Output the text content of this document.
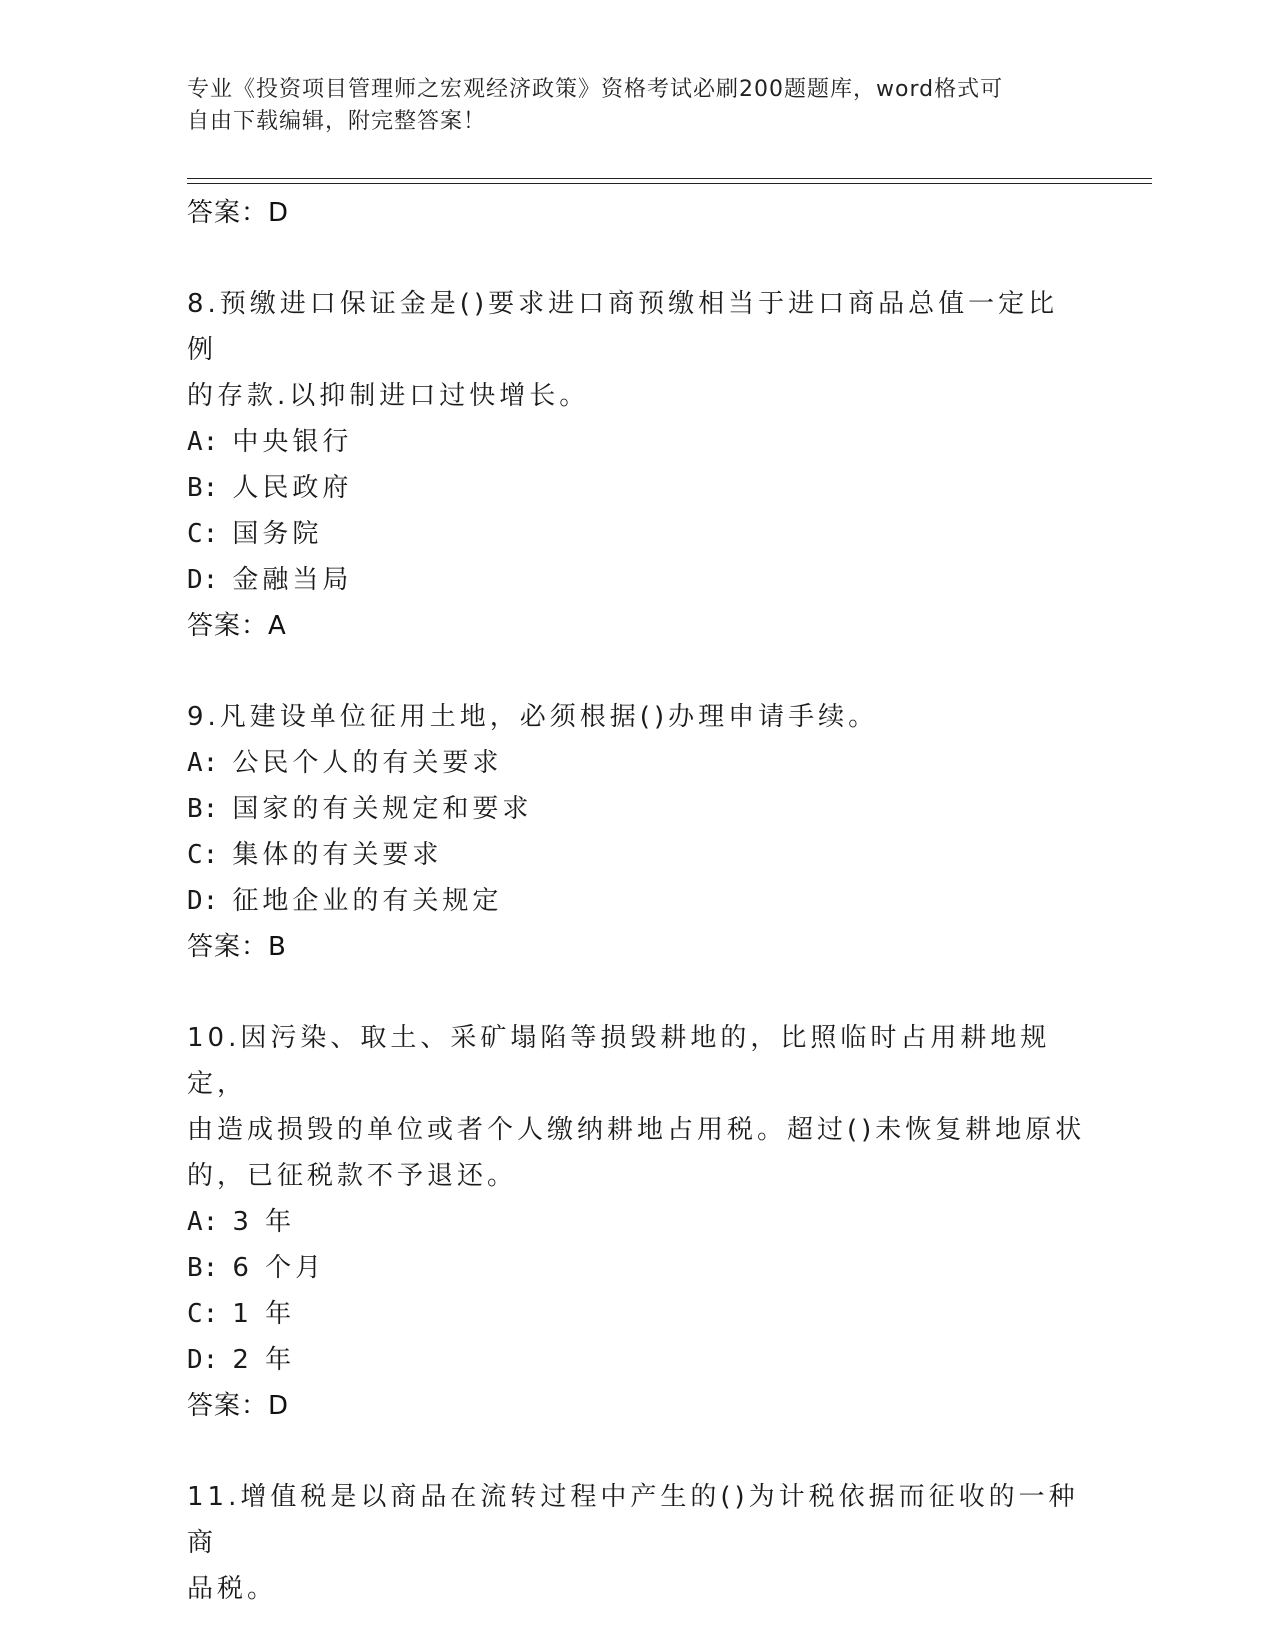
专业《投资项目管理师之宏观经济政策》资格考试必刷200题题库，word格式可
自由下载编辑，附完整答案！
答案：D
8.预缴进口保证金是()要求进口商预缴相当于进口商品总值一定比例
的存款.以抑制进口过快增长。
A: 中央银行
B: 人民政府
C: 国务院
D: 金融当局
答案：A
9.凡建设单位征用土地，必须根据()办理申请手续。
A: 公民个人的有关要求
B: 国家的有关规定和要求
C: 集体的有关要求
D: 征地企业的有关规定
答案：B
10.因污染、取土、采矿塌陷等损毁耕地的，比照临时占用耕地规定，
由造成损毁的单位或者个人缴纳耕地占用税。超过()未恢复耕地原状
的，已征税款不予退还。
A: 3 年
B: 6 个月
C: 1 年
D: 2 年
答案：D
11.增值税是以商品在流转过程中产生的()为计税依据而征收的一种商
品税。
